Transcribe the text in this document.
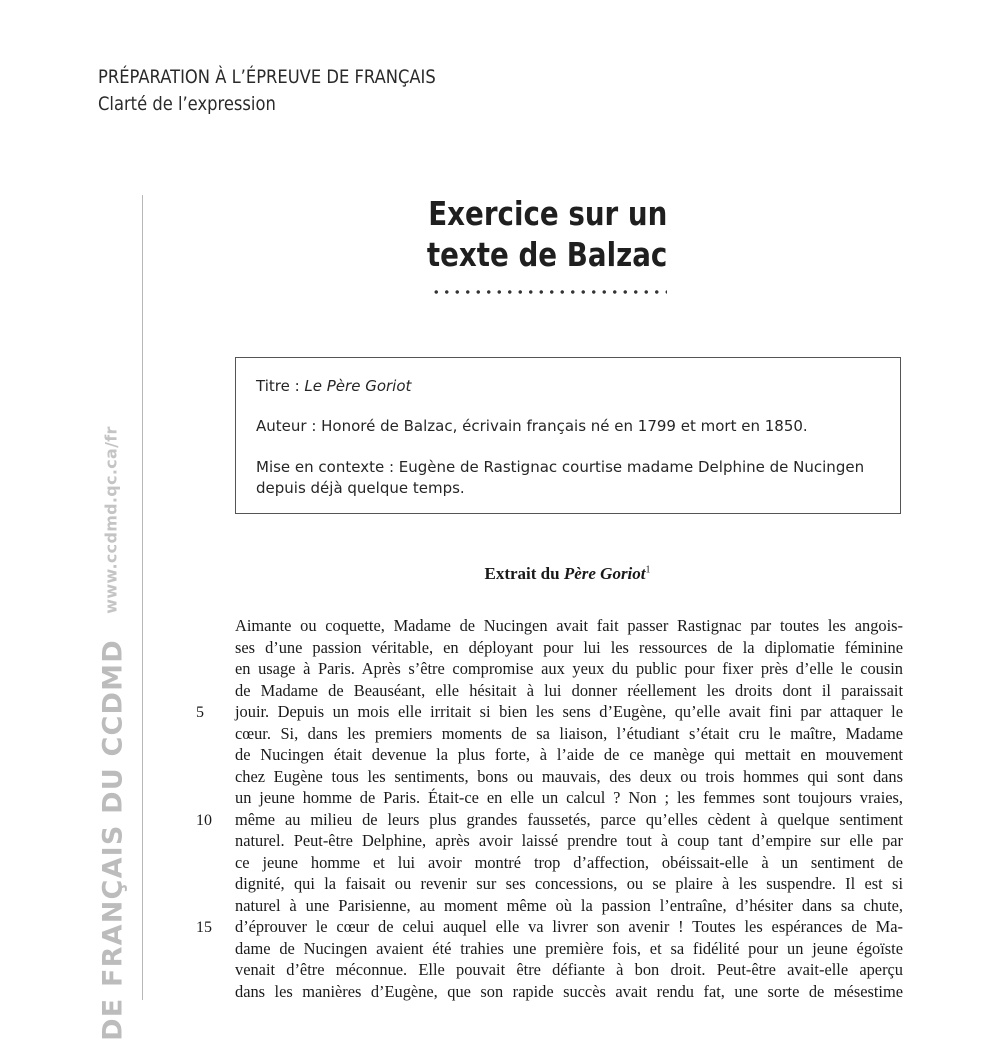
PRÉPARATION À L’ÉPREUVE DE FRANÇAIS
Clarté de l’expression
www.ccdmd.qc.ca/fr
DE FRANÇAIS DU CCDMD
Exercice sur un
texte de Balzac
Titre : Le Père Goriot
Auteur : Honoré de Balzac, écrivain français né en 1799 et mort en 1850.
Mise en contexte : Eugène de Rastignac courtise madame Delphine de Nucingen
depuis déjà quelque temps.
Extrait du Père Goriot$^1$
Aimante ou coquette, Madame de Nucingen avait fait passer Rastignac par toutes les angois-
ses d’une passion véritable, en déployant pour lui les ressources de la diplomatie féminine
en usage à Paris. Après s’être compromise aux yeux du public pour fixer près d’elle le cousin
de Madame de Beauséant, elle hésitait à lui donner réellement les droits dont il paraissait
jouir. Depuis un mois elle irritait si bien les sens d’Eugène, qu’elle avait fini par attaquer le
cœur. Si, dans les premiers moments de sa liaison, l’étudiant s’était cru le maître, Madame
de Nucingen était devenue la plus forte, à l’aide de ce manège qui mettait en mouvement
chez Eugène tous les sentiments, bons ou mauvais, des deux ou trois hommes qui sont dans
un jeune homme de Paris. Était-ce en elle un calcul ? Non ; les femmes sont toujours vraies,
même au milieu de leurs plus grandes faussetés, parce qu’elles cèdent à quelque sentiment
naturel. Peut-être Delphine, après avoir laissé prendre tout à coup tant d’empire sur elle par
ce jeune homme et lui avoir montré trop d’affection, obéissait-elle à un sentiment de
dignité, qui la faisait ou revenir sur ses concessions, ou se plaire à les suspendre. Il est si
naturel à une Parisienne, au moment même où la passion l’entraîne, d’hésiter dans sa chute,
d’éprouver le cœur de celui auquel elle va livrer son avenir ! Toutes les espérances de Ma-
dame de Nucingen avaient été trahies une première fois, et sa fidélité pour un jeune égoïste
venait d’être méconnue. Elle pouvait être défiante à bon droit. Peut-être avait-elle aperçu
dans les manières d’Eugène, que son rapide succès avait rendu fat, une sorte de mésestime
5
10
15
